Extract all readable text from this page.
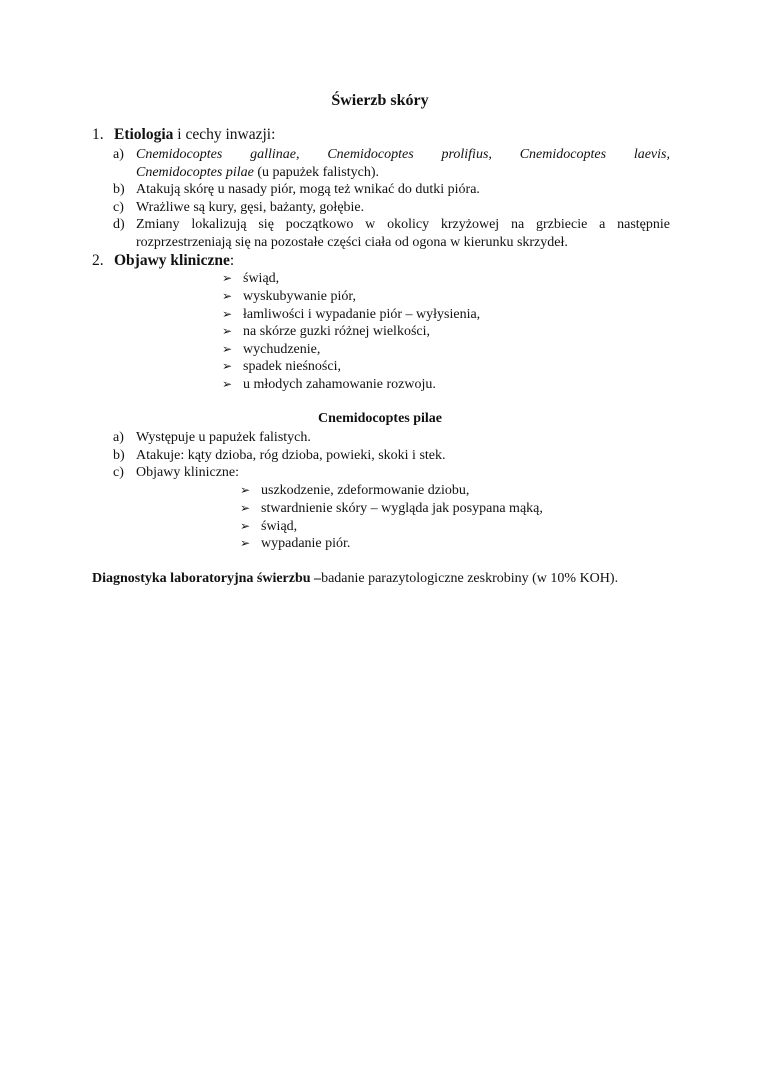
Świerzb skóry
1. Etiologia i cechy inwazji:
a) Cnemidocoptes gallinae, Cnemidocoptes prolifius, Cnemidocoptes laevis,
Cnemidocoptes pilae (u papużek falistych).
b) Atakują skórę u nasady piór, mogą też wnikać do dutki pióra.
c) Wrażliwe są kury, gęsi, bażanty, gołębie.
d) Zmiany lokalizują się początkowo w okolicy krzyżowej na grzbiecie a następnie
rozprzestrzeniają się na pozostałe części ciała od ogona w kierunku skrzydeł.
2. Objawy kliniczne:
➢ świąd,
➢ wyskubywanie piór,
➢ łamliwości i wypadanie piór – wyłysienia,
➢ na skórze guzki różnej wielkości,
➢ wychudzenie,
➢ spadek nieśności,
➢ u młodych zahamowanie rozwoju.
Cnemidocoptes pilae
a) Występuje u papużek falistych.
b) Atakuje: kąty dzioba, róg dzioba, powieki, skoki i stek.
c) Objawy kliniczne:
➢ uszkodzenie, zdeformowanie dziobu,
➢ stwardnienie skóry – wygląda jak posypana mąką,
➢ świąd,
➢ wypadanie piór.
Diagnostyka laboratoryjna świerzbu –badanie parazytologiczne zeskrobiny (w 10% KOH).
